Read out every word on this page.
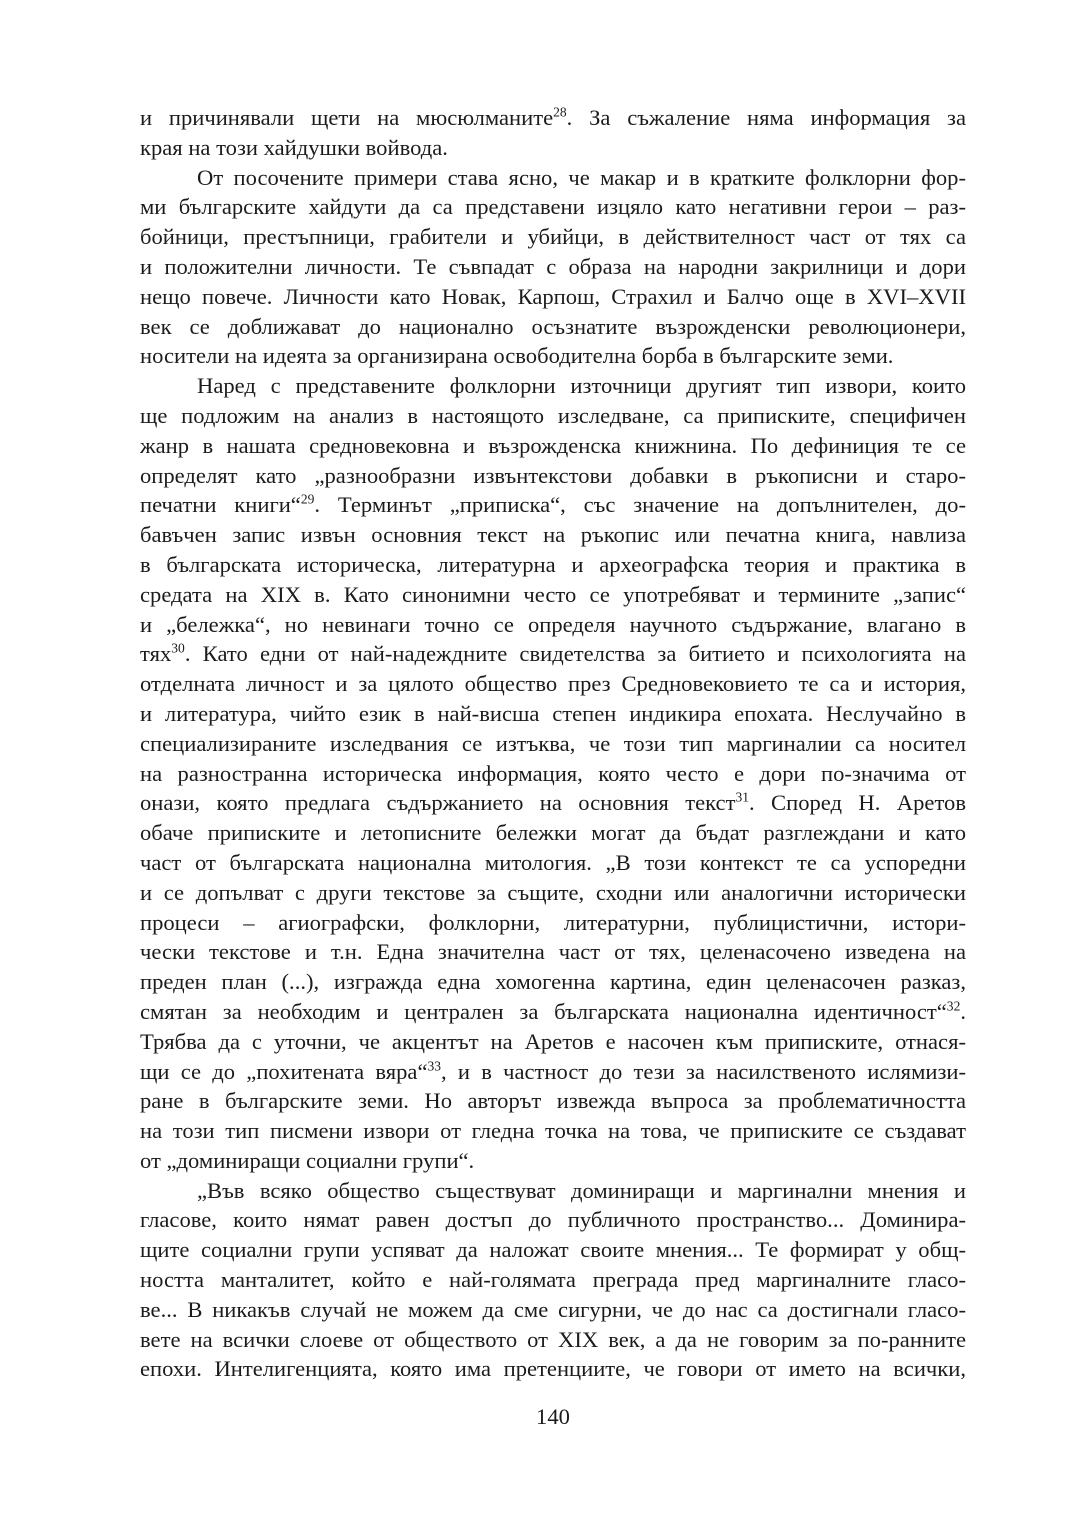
и причинявали щети на мюсюлманите$^{28}$. За съжаление няма информация за
края на този хайдушки войвода.
От посочените примери става ясно, че макар и в кратките фолклорни фор-
ми българските хайдути да са представени изцяло като негативни герои – раз-
бойници, престъпници, грабители и убийци, в действителност част от тях са
и положителни личности. Те съвпадат с образа на народни закрилници и дори
нещо повече. Личности като Новак, Карпош, Страхил и Балчо още в XVI–XVII
век се доближават до национално осъзнатите възрожденски революционери,
носители на идеята за организирана освободителна борба в българските земи.
Наред с представените фолклорни източници другият тип извори, които
ще подложим на анализ в настоящото изследване, са приписките, специфичен
жанр в нашата средновековна и възрожденска книжнина. По дефиниция те се
определят като „разнообразни извънтекстови добавки в ръкописни и старо-
печатни книги“$^{29}$. Терминът „приписка“, със значение на допълнителен, до-
бавъчен запис извън основния текст на ръкопис или печатна книга, навлиза
в българската историческа, литературна и археографска теория и практика в
средата на XIX в. Като синонимни често се употребяват и термините „запис“
и „бележка“, но невинаги точно се определя научното съдържание, влагано в
тях$^{30}$. Като едни от най-надеждните свидетелства за битието и психологията на
отделната личност и за цялото общество през Средновековието те са и история,
и литература, чийто език в най-висша степен индикира епохата. Неслучайно в
специализираните изследвания се изтъква, че този тип маргиналии са носител
на разностранна историческа информация, която често е дори по-значима от
онази, която предлага съдържанието на основния текст$^{31}$. Според Н. Аретов
обаче приписките и летописните бележки могат да бъдат разглеждани и като
част от българската национална митология. „В този контекст те са успоредни
и се допълват с други текстове за същите, сходни или аналогични исторически
процеси – агиографски, фолклорни, литературни, публицистични, истори-
чески текстове и т.н. Една значителна част от тях, целенасочено изведена на
преден план (...), изгражда една хомогенна картина, един целенасочен разказ,
смятан за необходим и централен за българската национална идентичност“$^{32}$.
Трябва да с уточни, че акцентът на Аретов е насочен към приписките, отнася-
щи се до „похитената вяра“$^{33}$, и в частност до тези за насилственото ислямизи-
ране в българските земи. Но авторът извежда въпроса за проблематичността
на този тип писмени извори от гледна точка на това, че приписките се създават
от „доминиращи социални групи“.
„Във всяко общество съществуват доминиращи и маргинални мнения и
гласове, които нямат равен достъп до публичното пространство... Доминира-
щите социални групи успяват да наложат своите мнения... Те формират у общ-
ността манталитет, който е най-голямата преграда пред маргиналните гласо-
ве... В никакъв случай не можем да сме сигурни, че до нас са достигнали гласо-
вете на всички слоеве от обществото от XIX век, а да не говорим за по-ранните
епохи. Интелигенцията, която има претенциите, че говори от името на всички,
140
